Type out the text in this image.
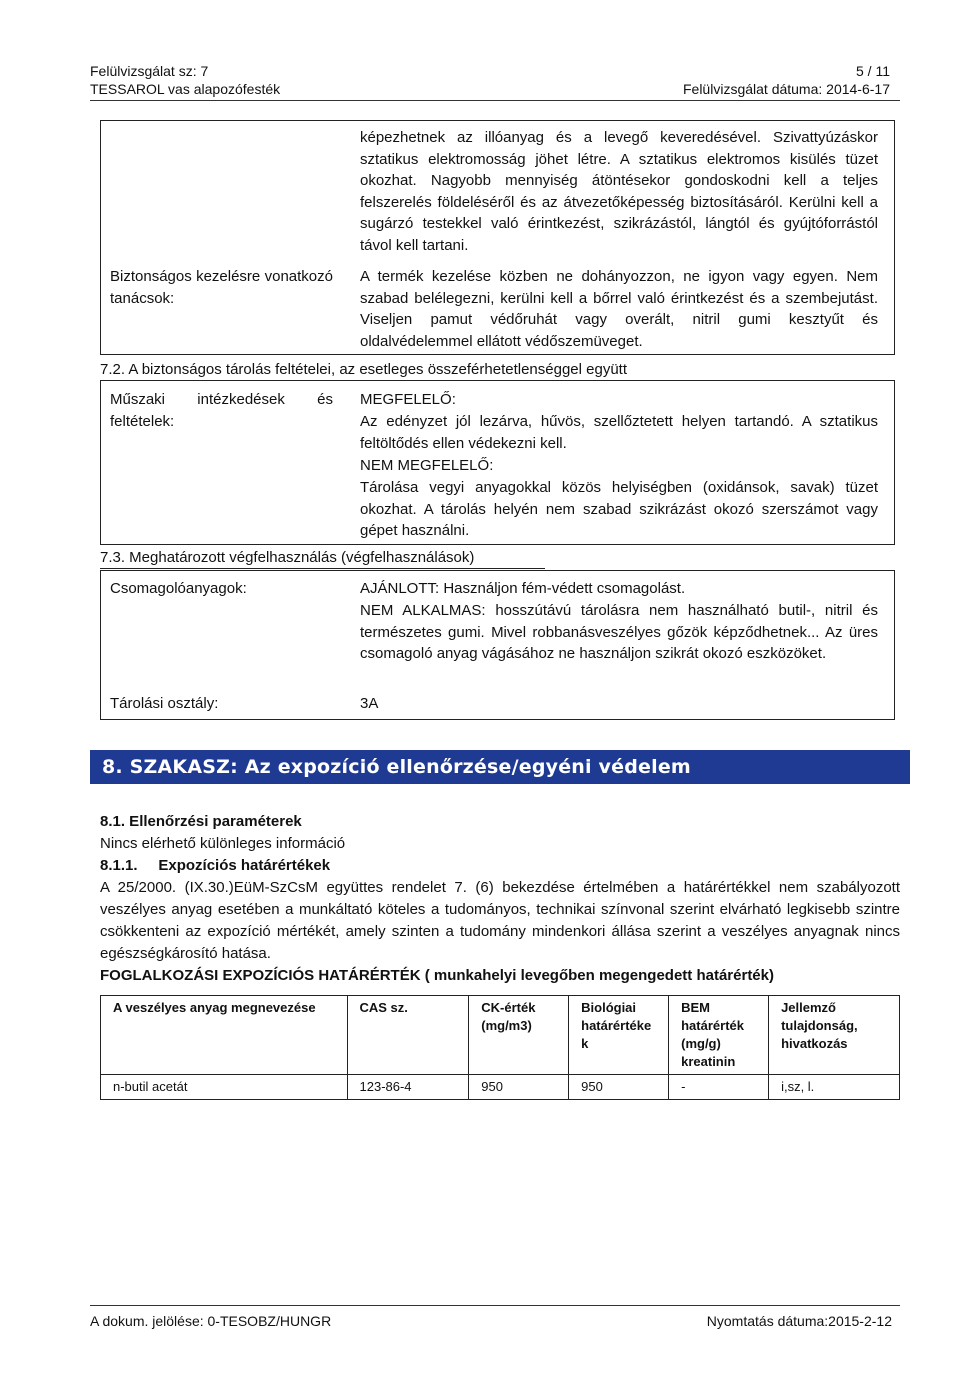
Felülvizsgálat sz: 7	5 / 11
TESSAROL vas alapozófesték	Felülvizsgálat dátuma: 2014-6-17
képezhetnek az illóanyag és a levegő keveredésével. Szivattyúzáskor sztatikus elektromosság jöhet létre. A sztatikus elektromos kisülés tüzet okozhat. Nagyobb mennyiség átöntésekor gondoskodni kell a teljes felszerelés földeléséről és az átvezetőképesség biztosításáról. Kerülni kell a sugárzó testekkel való érintkezést, szikrázástól, lángtól és gyújtóforrástól távol kell tartani.
Biztonságos kezelésre vonatkozó tanácsok:
A termék kezelése közben ne dohányozzon, ne igyon vagy egyen. Nem szabad belélegezni, kerülni kell a bőrrel való érintkezést és a szembejutást. Viseljen pamut védőruhát vagy overált, nitril gumi kesztyűt és oldalvédelemmel ellátott védőszemüveget.
7.2. A biztonságos tárolás feltételei, az esetleges összeférhetetlenséggel együtt
Műszaki intézkedések és feltételek:
MEGFELELŐ:
Az edényzet jól lezárva, hűvös, szellőztetett helyen tartandó. A sztatikus feltöltődés ellen védekezni kell.
NEM MEGFELELŐ:
Tárolása vegyi anyagokkal közös helyiségben (oxidánsok, savak) tüzet okozhat. A tárolás helyén nem szabad szikrázást okozó szerszámot vagy gépet használni.
7.3. Meghatározott végfelhasználás (végfelhasználások)
Csomagolóanyagok:	AJÁNLOTT: Használjon fém-védett csomagolást.
NEM ALKALMAS: hosszútávú tárolásra nem használható butil-, nitril és természetes gumi. Mivel robbanásveszélyes gőzök képződhetnek... Az üres csomagoló anyag vágásához ne használjon szikrát okozó eszközöket.
Tárolási osztály:	3A
8. SZAKASZ: Az expozíció ellenőrzése/egyéni védelem
8.1. Ellenőrzési paraméterek
Nincs elérhető különleges információ
8.1.1. Expozíciós határértékek
A 25/2000. (IX.30.)EüM-SzCsM együttes rendelet 7. (6) bekezdése értelmében a határértékkel nem szabályozott veszélyes anyag esetében a munkáltató köteles a tudományos, technikai színvonal szerint elvárható legkisebb szintre csökkenteni az expozíció mértékét, amely szinten a tudomány mindenkori állása szerint a veszélyes anyagnak nincs egészségkárosító hatása.
FOGLALKOZÁSI EXPOZÍCIÓS HATÁRÉRTÉK ( munkahelyi levegőben megengedett határérték)
A veszélyes anyag megnevezése	CAS sz.	CK-érték (mg/m3)	Biológiai határértéke k	BEM határérték (mg/g) kreatinin	Jellemző tulajdonság, hivatkozás
n-butil acetát	123-86-4	950	950	-	i,sz, l.
A dokum. jelölése: 0-TESOBZ/HUNGR	Nyomtatás dátuma:2015-2-12
